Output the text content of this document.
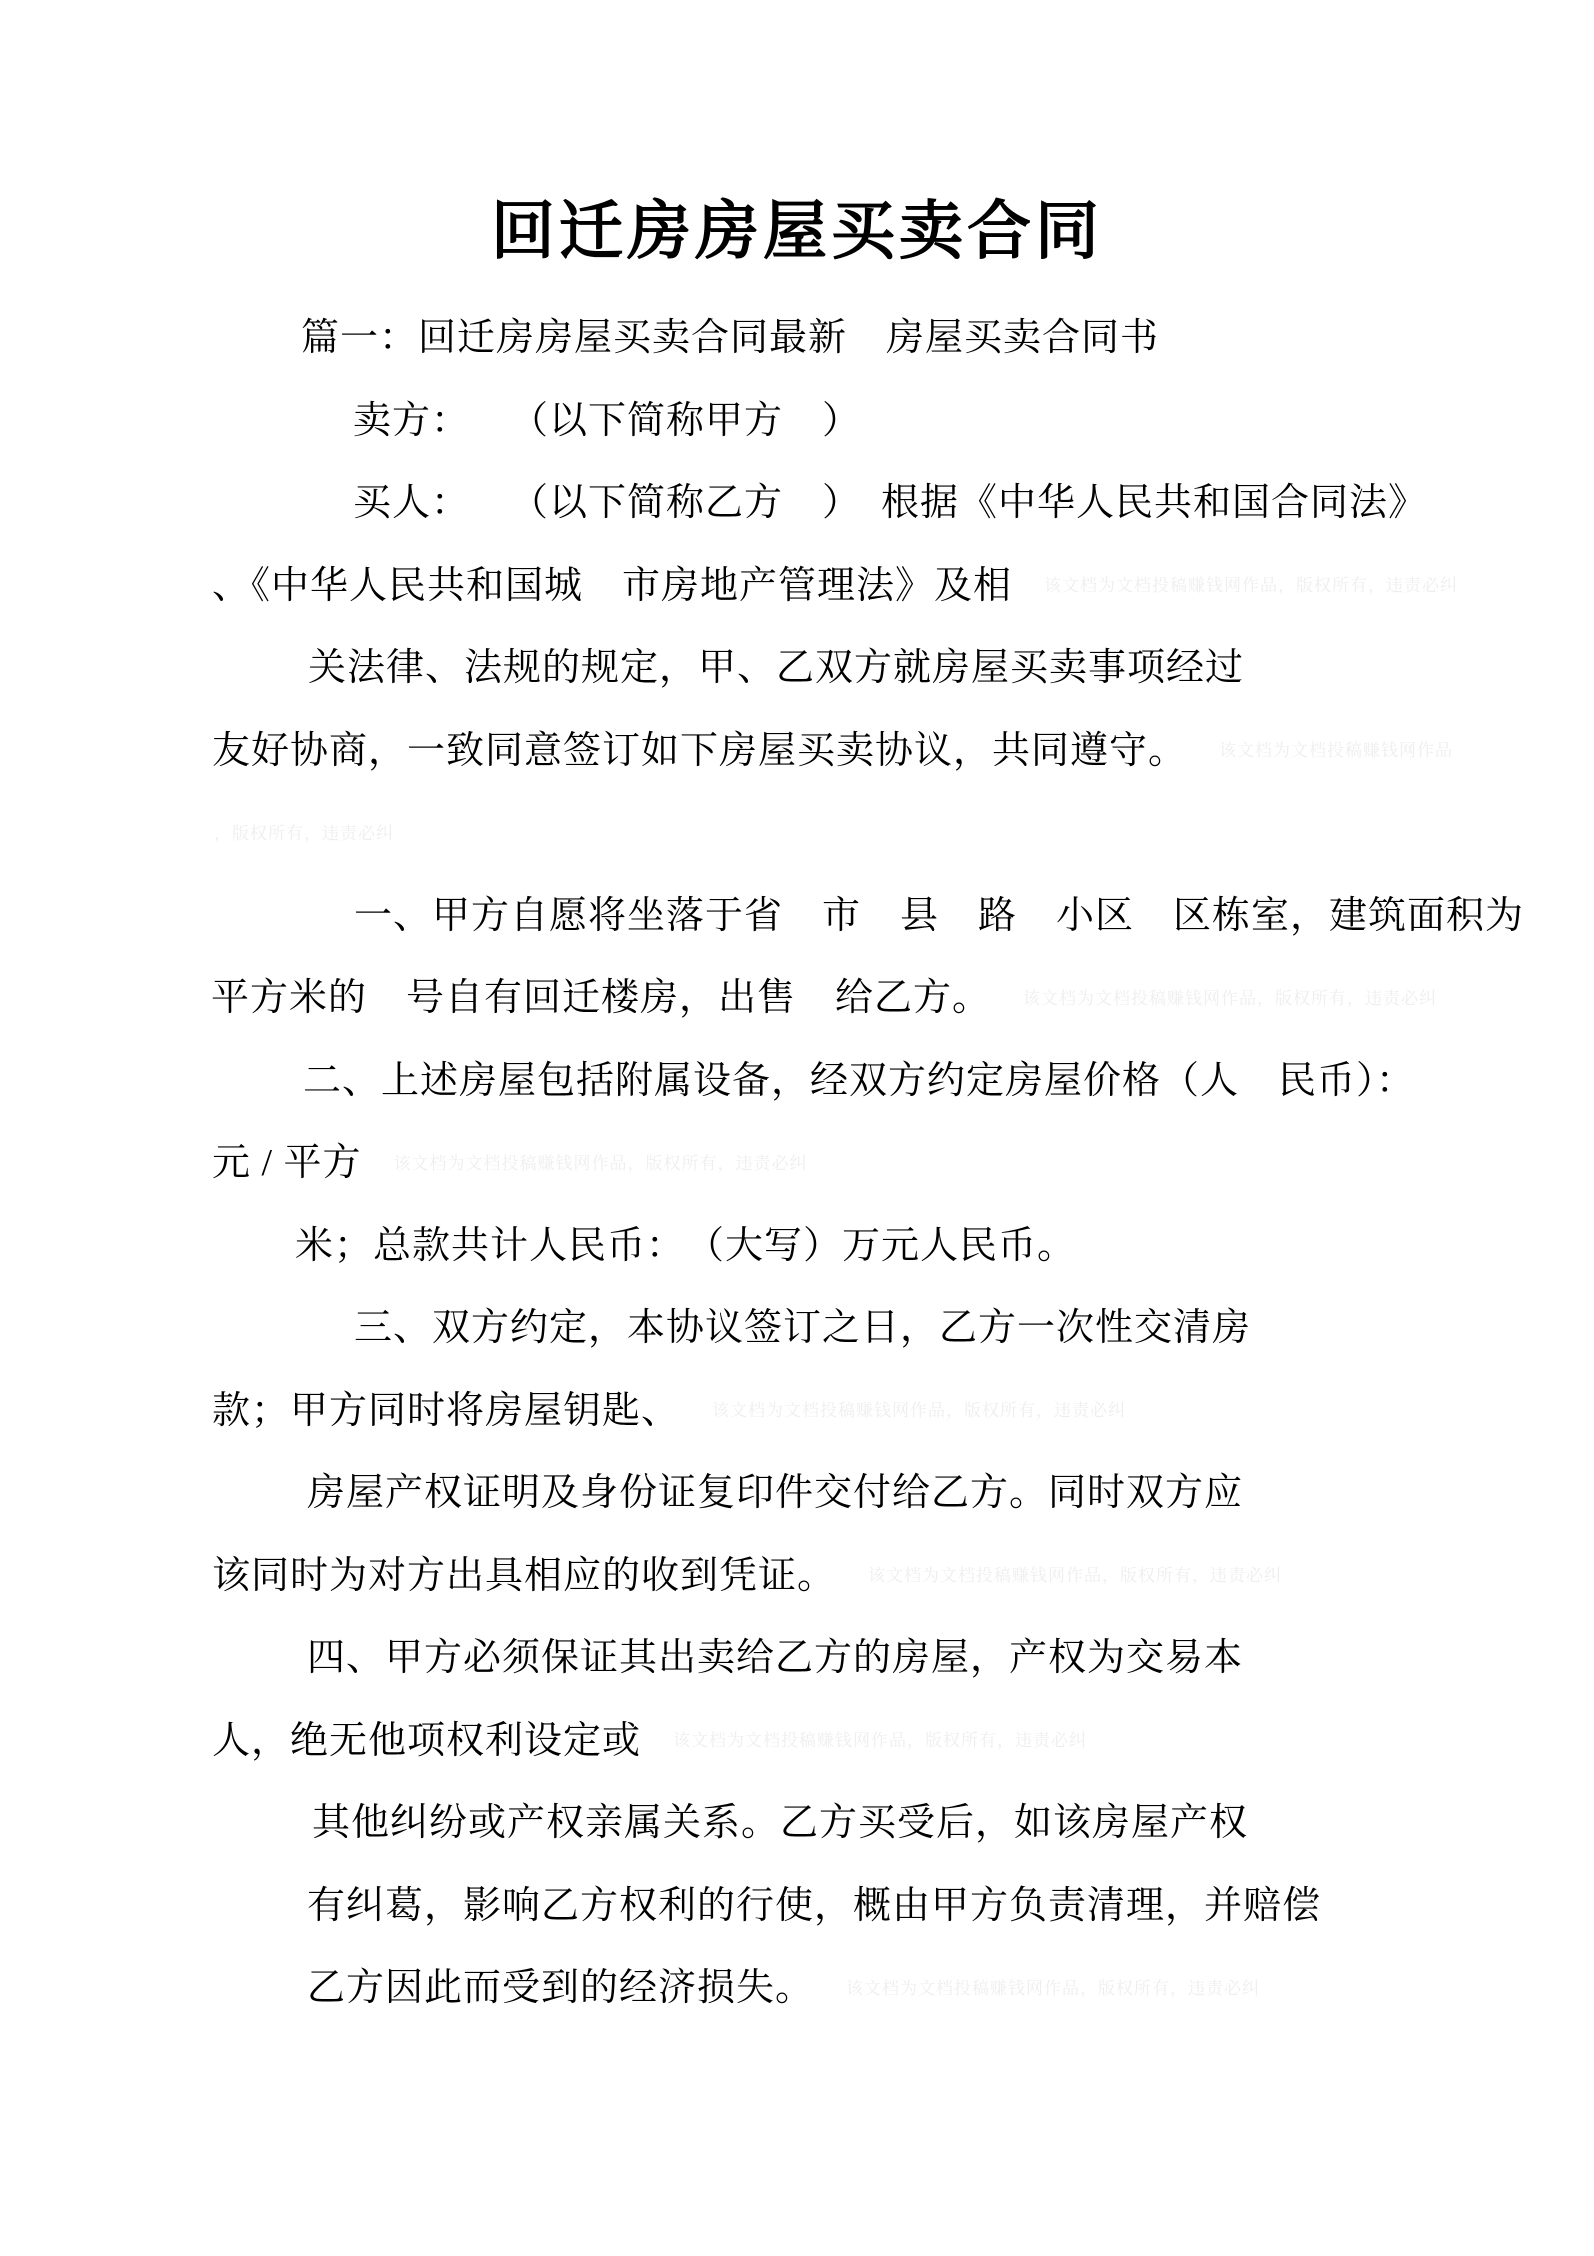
回迁房房屋买卖合同
篇一：回迁房房屋买卖合同最新　房屋买卖合同书
卖方：　　（以下简称甲方　）
买人：　　（以下简称乙方　）　根据《中华人民共和国合同法》
、《中华人民共和国城　市房地产管理法》及相 该文档为文档投稿赚钱网作品，版权所有，违责必纠
关法律、法规的规定，甲、乙双方就房屋买卖事项经过
友好协商，一致同意签订如下房屋买卖协议，共同遵守。 该文档为文档投稿赚钱网作品
，版权所有，违责必纠
一、甲方自愿将坐落于省　市　县　路　小区　区栋室，建筑面积为
平方米的　号自有回迁楼房，出售　给乙方。 该文档为文档投稿赚钱网作品，版权所有，违责必纠
二、上述房屋包括附属设备，经双方约定房屋价格（人　民币）：
元 / 平方 该文档为文档投稿赚钱网作品，版权所有，违责必纠
米；总款共计人民币：　（大写）万元人民币。
三、双方约定，本协议签订之日，乙方一次性交清房
款；甲方同时将房屋钥匙、 该文档为文档投稿赚钱网作品，版权所有，违责必纠
房屋产权证明及身份证复印件交付给乙方。同时双方应
该同时为对方出具相应的收到凭证。 该文档为文档投稿赚钱网作品，版权所有，违责必纠
四、甲方必须保证其出卖给乙方的房屋，产权为交易本
人，绝无他项权利设定或 该文档为文档投稿赚钱网作品，版权所有，违责必纠
其他纠纷或产权亲属关系。乙方买受后，如该房屋产权
有纠葛，影响乙方权利的行使，概由甲方负责清理，并赔偿
乙方因此而受到的经济损失。 该文档为文档投稿赚钱网作品，版权所有，违责必纠
